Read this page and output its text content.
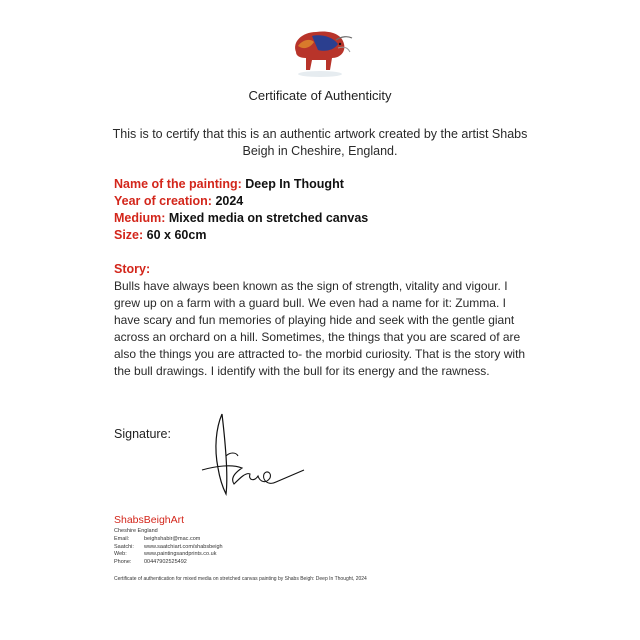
Certificate of Authenticity
This is to certify that this is an authentic artwork created by the artist Shabs Beigh in Cheshire, England.
Name of the painting: Deep In Thought
Year of creation: 2024
Medium: Mixed media on stretched canvas
Size: 60 x 60cm
Story:
Bulls have always been known as the sign of strength, vitality and vigour. I grew up on a farm with a guard bull. We even had a name for it: Zumma. I have scary and fun memories of playing hide and seek with the gentle giant across an orchard on a hill. Sometimes, the things that you are scared of are also the things you are attracted to- the morbid curiosity. That is the story with the bull drawings. I identify with the bull for its energy and the rawness.
Signature:
ShabsBeighArt
Cheshire England
Email:	beighshabir@mac.com
Saatchi: www.saatchiart.com/shabsbeigh
Web:	www.paintingsandprints.co.uk
Phone: 00447902525492
Certificate of authentication for mixed media on stretched canvas painting by Shabs Beigh: Deep In Thought, 2024
